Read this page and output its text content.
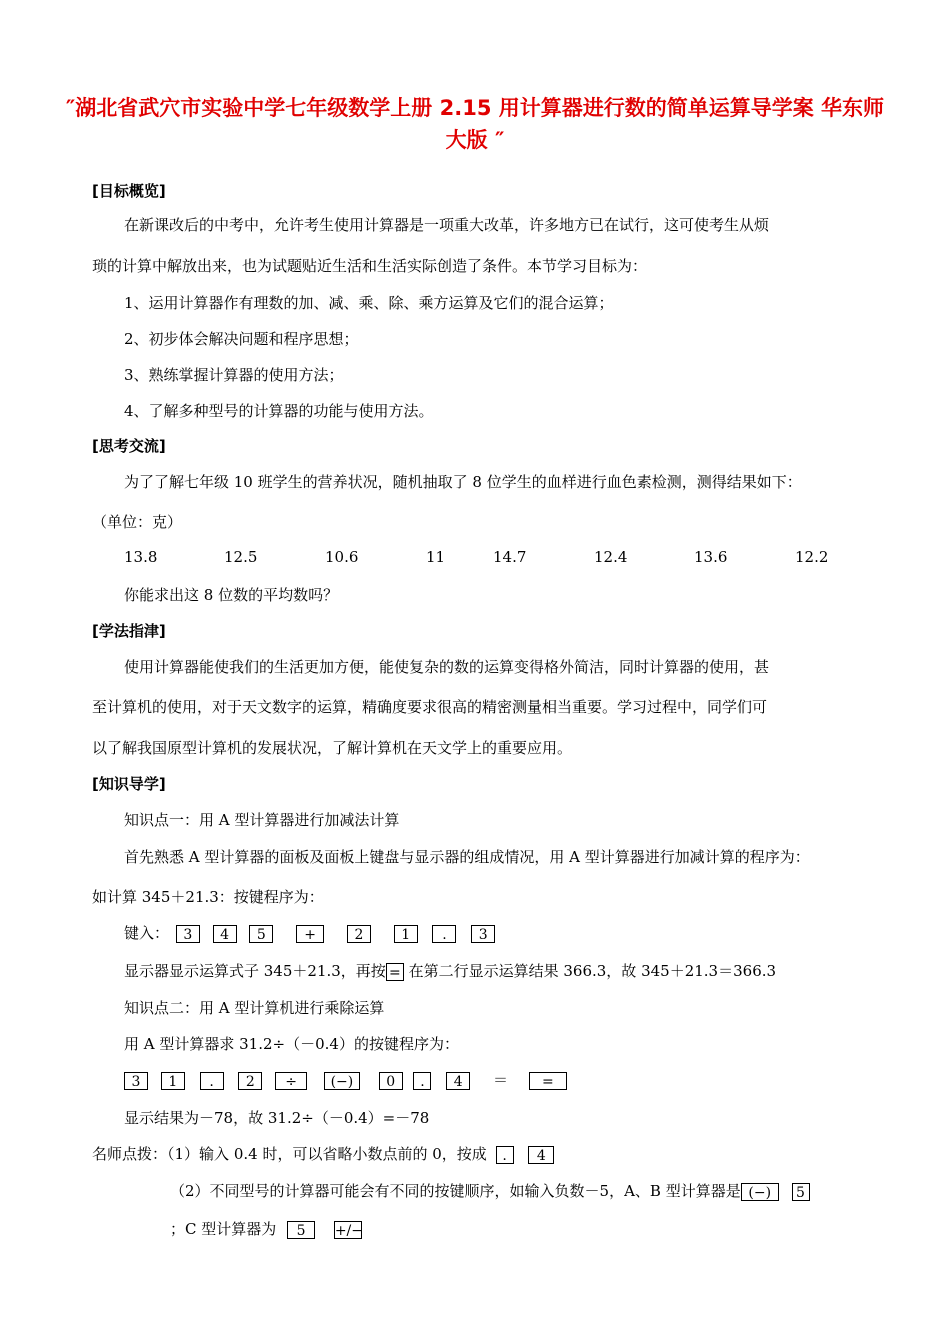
″湖北省武穴市实验中学七年级数学上册 2.15 用计算器进行数的简单运算导学案 华东师大版 ″
[目标概览]
在新课改后的中考中，允许考生使用计算器是一项重大改革，许多地方已在试行，这可使考生从烦
琐的计算中解放出来，也为试题贴近生活和生活实际创造了条件。本节学习目标为：
1、运用计算器作有理数的加、减、乘、除、乘方运算及它们的混合运算；
2、初步体会解决问题和程序思想；
3、熟练掌握计算器的使用方法；
4、了解多种型号的计算器的功能与使用方法。
[思考交流]
为了了解七年级 10 班学生的营养状况，随机抽取了 8 位学生的血样进行血色素检测，测得结果如下：
（单位：克）
13.8	12.5	10.6	11	14.7	12.4	13.6	12.2
你能求出这 8 位数的平均数吗？
[学法指津]
使用计算器能使我们的生活更加方便，能使复杂的数的运算变得格外简洁，同时计算器的使用，甚
至计算机的使用，对于天文数字的运算，精确度要求很高的精密测量相当重要。学习过程中，同学们可
以了解我国原型计算机的发展状况，了解计算机在天文学上的重要应用。
[知识导学]
知识点一：用 A 型计算器进行加减法计算
首先熟悉 A 型计算器的面板及面板上键盘与显示器的组成情况，用 A 型计算器进行加减计算的程序为：
如计算 345＋21.3：按键程序为：
键入： 3 4 5	+	2	1 . 3
显示器显示运算式子 345＋21.3，再按 = 在第二行显示运算结果 366.3，故 345＋21.3＝366.3
知识点二：用 A 型计算机进行乘除运算
用 A 型计算器求 31.2÷（－0.4）的按键程序为：
3 1 . 2 ÷ (−) 0 . 4 ＝ =
显示结果为－78，故 31.2÷（－0.4）=－78
名师点拨：（1）输入 0.4 时，可以省略小数点前的 0，按成 . 4
（2）不同型号的计算器可能会有不同的按键顺序，如输入负数－5，A、B 型计算器是 (−) 5
；C 型计算器为 5 +/−
